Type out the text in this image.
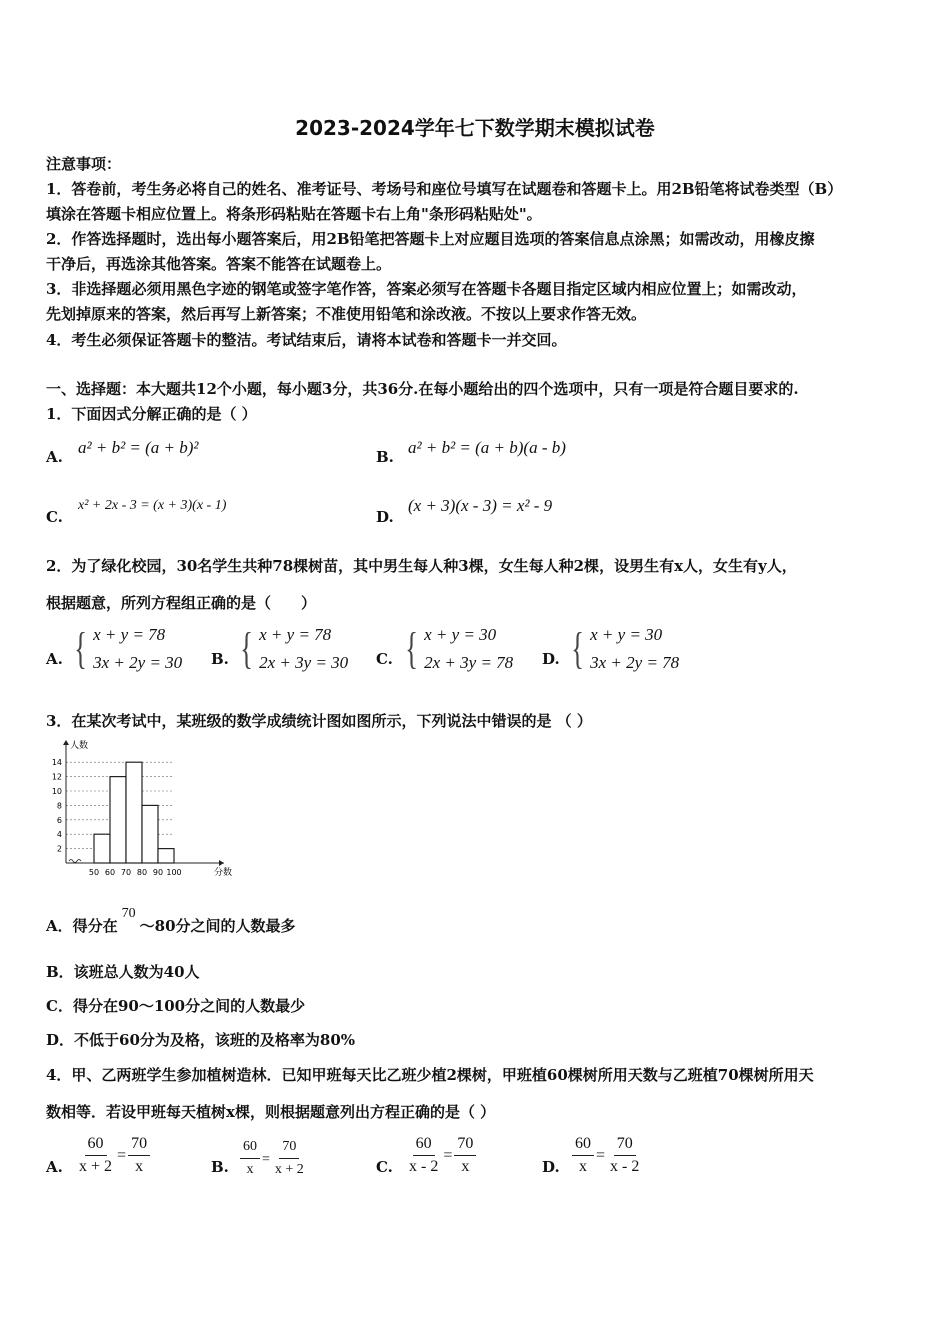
2023-2024学年七下数学期末模拟试卷
注意事项：
1．答卷前，考生务必将自己的姓名、准考证号、考场号和座位号填写在试题卷和答题卡上。用2B铅笔将试卷类型（B）
填涂在答题卡相应位置上。将条形码粘贴在答题卡右上角"条形码粘贴处"。
2．作答选择题时，选出每小题答案后，用2B铅笔把答题卡上对应题目选项的答案信息点涂黑；如需改动，用橡皮擦
干净后，再选涂其他答案。答案不能答在试题卷上。
3．非选择题必须用黑色字迹的钢笔或签字笔作答，答案必须写在答题卡各题目指定区域内相应位置上；如需改动，
先划掉原来的答案，然后再写上新答案；不准使用铅笔和涂改液。不按以上要求作答无效。
4．考生必须保证答题卡的整洁。考试结束后，请将本试卷和答题卡一并交回。
一、选择题：本大题共12个小题，每小题3分，共36分.在每小题给出的四个选项中，只有一项是符合题目要求的.
1．下面因式分解正确的是（ ）
A. a² + b² = (a + b)²	B. a² + b² = (a + b)(a - b)
C.
x² + 2x - 3 = (x + 3)(x - 1)
D.
(x + 3)(x - 3) = x² - 9
2．为了绿化校园，30名学生共种78棵树苗，其中男生每人种3棵，女生每人种2棵，设男生有x人，女生有y人，
根据题意，所列方程组正确的是（　　）
A. { x + y = 78
3x + 2y = 30 B. { x + y = 78
2x + 3y = 30 C. { x + y = 30
2x + 3y = 78 D. { x + y = 30
3x + 2y = 78
3．在某次考试中，某班级的数学成绩统计图如图所示，下列说法中错误的是 （ ）
2
4
6
8
10
12
14
50 60 70 80 90 100
人数
分数
A．得分在70～80分之间的人数最多
B．该班总人数为40人
C．得分在90～100分之间的人数最少
D．不低于60分为及格，该班的及格率为80%
4．甲、乙两班学生参加植树造林．已知甲班每天比乙班少植2棵树，甲班植60棵树所用天数与乙班植70棵树所用天
数相等．若设甲班每天植树x棵，则根据题意列出方程正确的是（ ）
A. $\frac{60}{x + 2} = \frac{70}{x}$	B. $\frac{60}{x} = \frac{70}{x + 2}$	C. $\frac{60}{x - 2} = \frac{70}{x}$	D. $\frac{60}{x} = \frac{70}{x - 2}$
